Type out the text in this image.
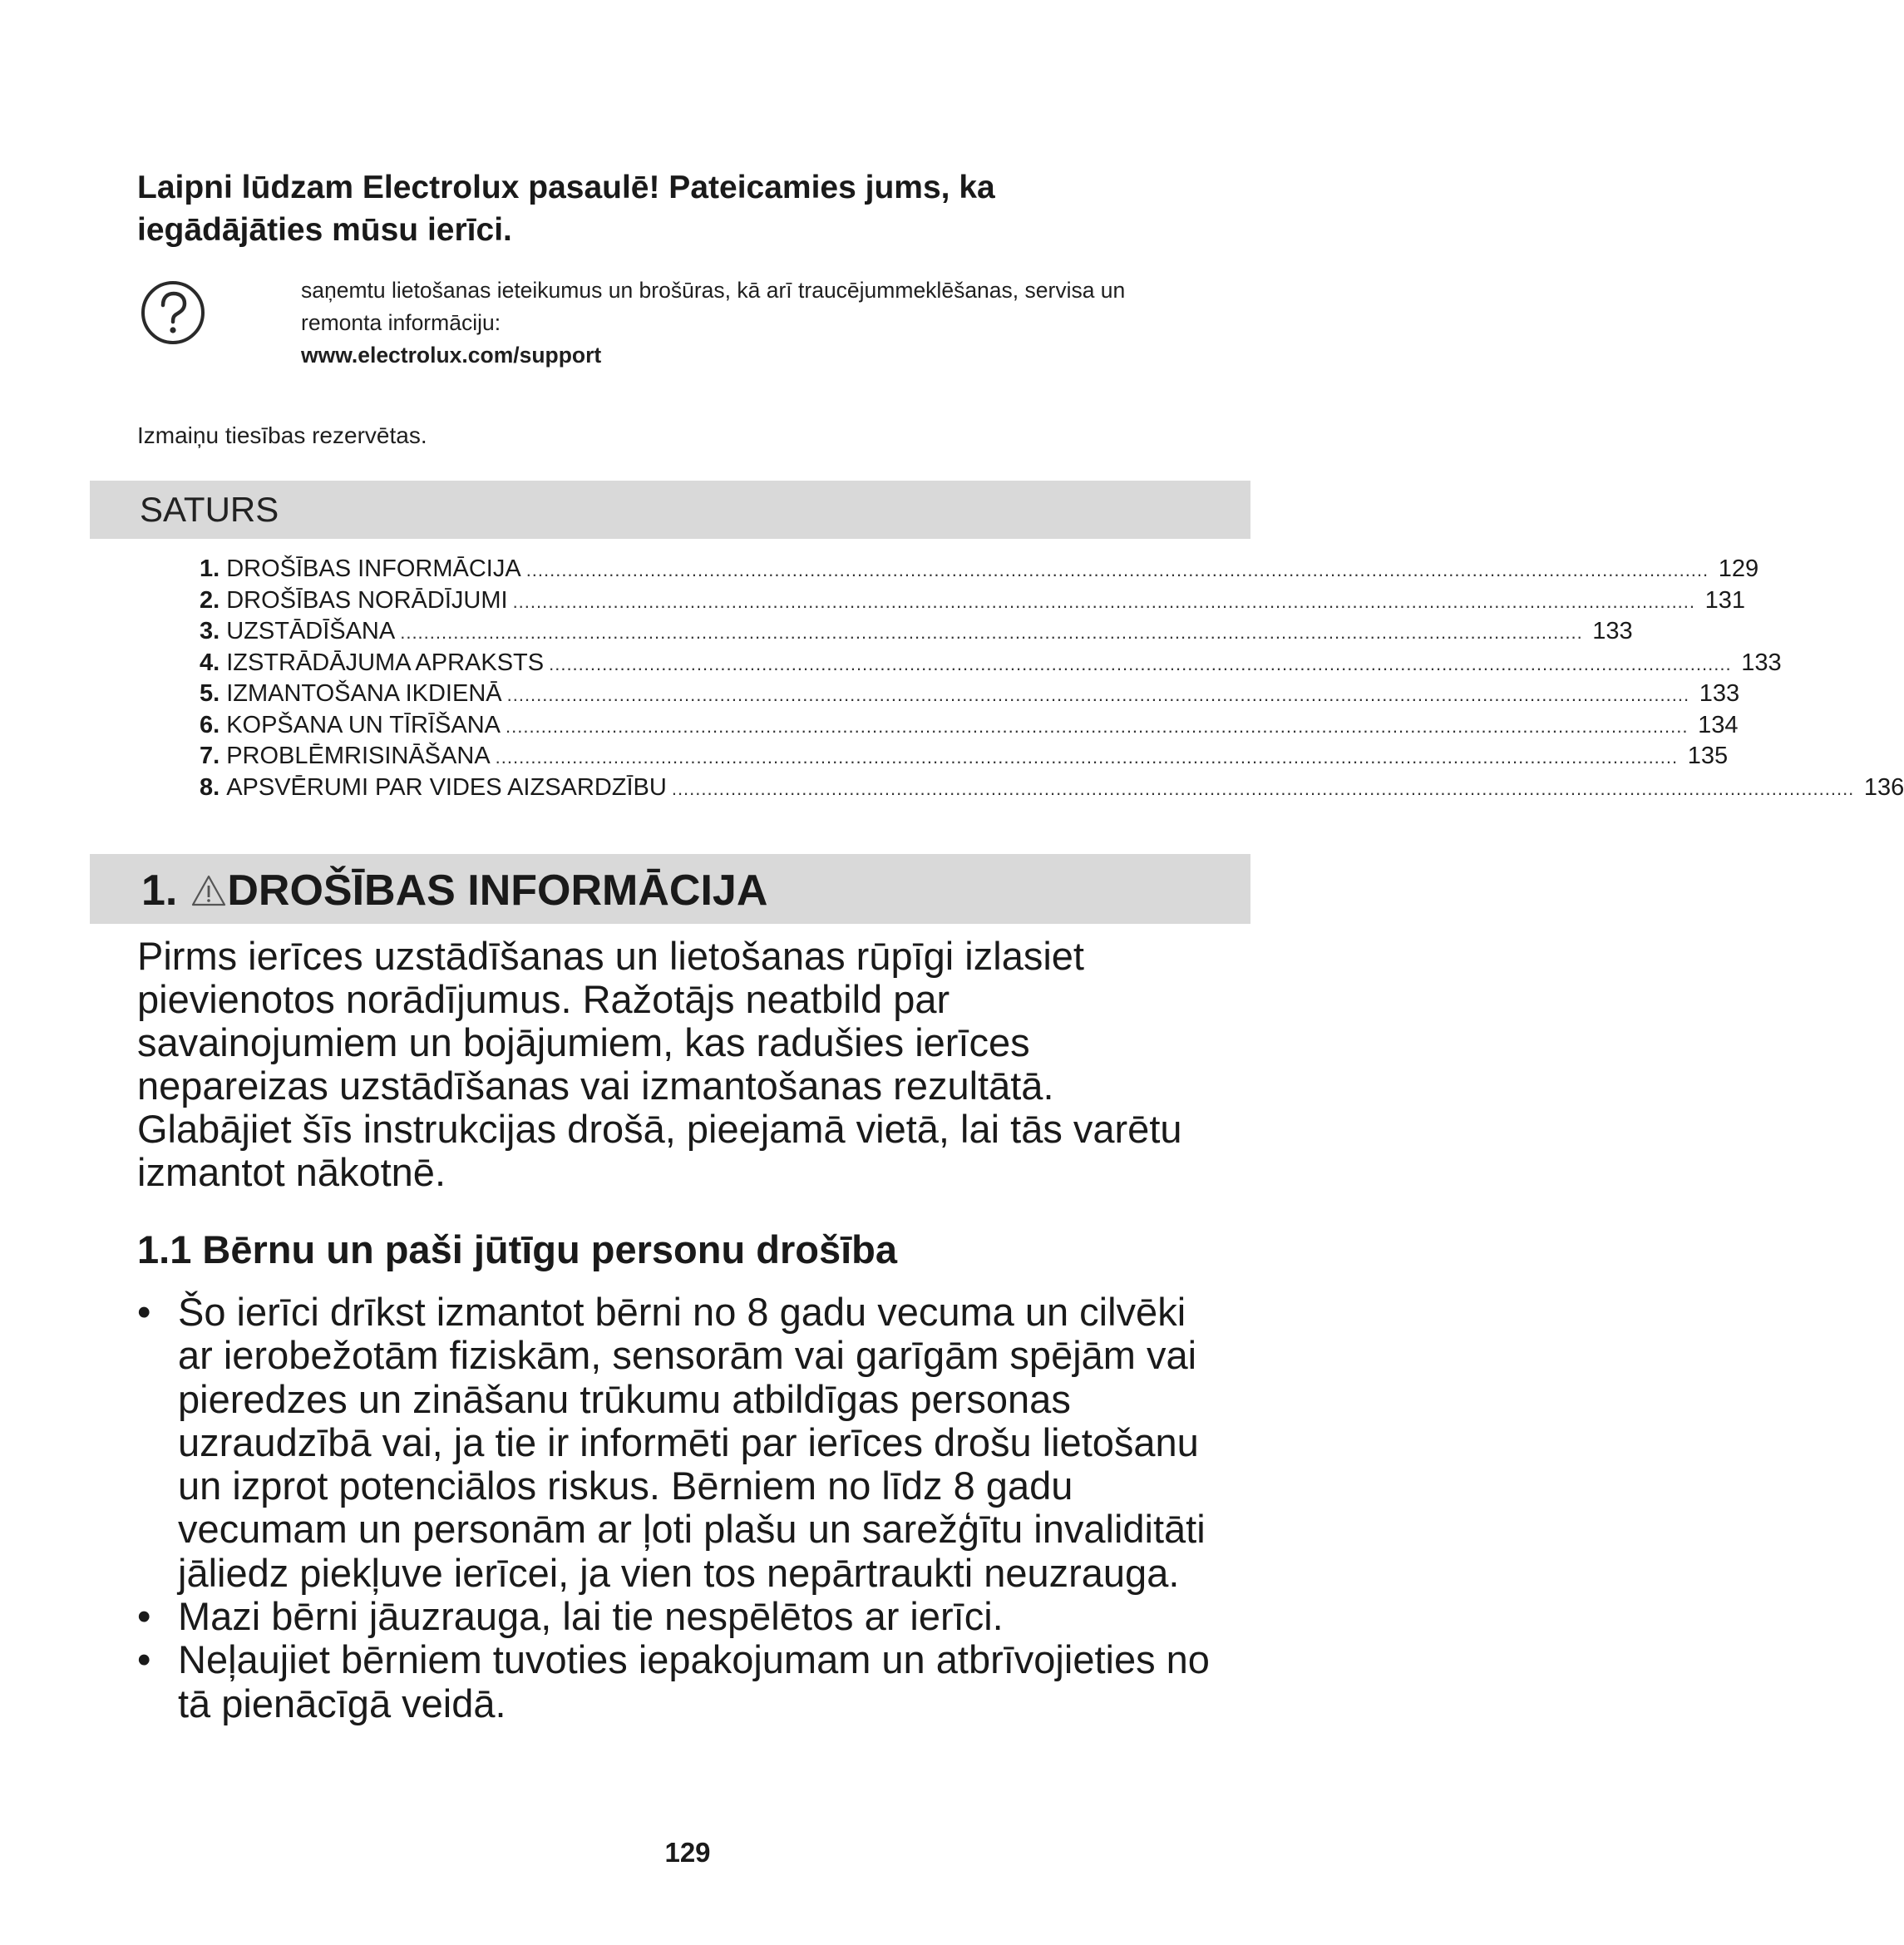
Laipni lūdzam Electrolux pasaulē! Pateicamies jums, ka
iegādājāties mūsu ierīci.
saņemtu lietošanas ieteikumus un brošūras, kā arī traucējummeklēšanas, servisa un
remonta informāciju:
www.electrolux.com/support
Izmaiņu tiesības rezervētas.
SATURS
1. DROŠĪBAS INFORMĀCIJA ........................................................................................................................................................................................................ 129
2. DROŠĪBAS NORĀDĪJUMI ........................................................................................................................................................................................................ 131
3. UZSTĀDĪŠANA ........................................................................................................................................................................................................ 133
4. IZSTRĀDĀJUMA APRAKSTS ........................................................................................................................................................................................................ 133
5. IZMANTOŠANA IKDIENĀ ........................................................................................................................................................................................................ 133
6. KOPŠANA UN TĪRĪŠANA ........................................................................................................................................................................................................ 134
7. PROBLĒMRISINĀŠANA ........................................................................................................................................................................................................ 135
8. APSVĒRUMI PAR VIDES AIZSARDZĪBU ........................................................................................................................................................................................................ 136
1. DROŠĪBAS INFORMĀCIJA

Pirms ierīces uzstādīšanas un lietošanas rūpīgi izlasiet
pievienotos norādījumus. Ražotājs neatbild par
savainojumiem un bojājumiem, kas radušies ierīces
nepareizas uzstādīšanas vai izmantošanas rezultātā.
Glabājiet šīs instrukcijas drošā, pieejamā vietā, lai tās varētu
izmantot nākotnē.

1.1 Bērnu un paši jūtīgu personu drošība
• Šo ierīci drīkst izmantot bērni no 8 gadu vecuma un cilvēki
ar ierobežotām fiziskām, sensorām vai garīgām spējām vai
pieredzes un zināšanu trūkumu atbildīgas personas
uzraudzībā vai, ja tie ir informēti par ierīces drošu lietošanu
un izprot potenciālos riskus. Bērniem no līdz 8 gadu
vecumam un personām ar ļoti plašu un sarežģītu invaliditāti
jāliedz piekļuve ierīcei, ja vien tos nepārtraukti neuzrauga.
• Mazi bērni jāuzrauga, lai tie nespēlētos ar ierīci.
• Neļaujiet bērniem tuvoties iepakojumam un atbrīvojieties no
tā pienācīgā veidā.
129
